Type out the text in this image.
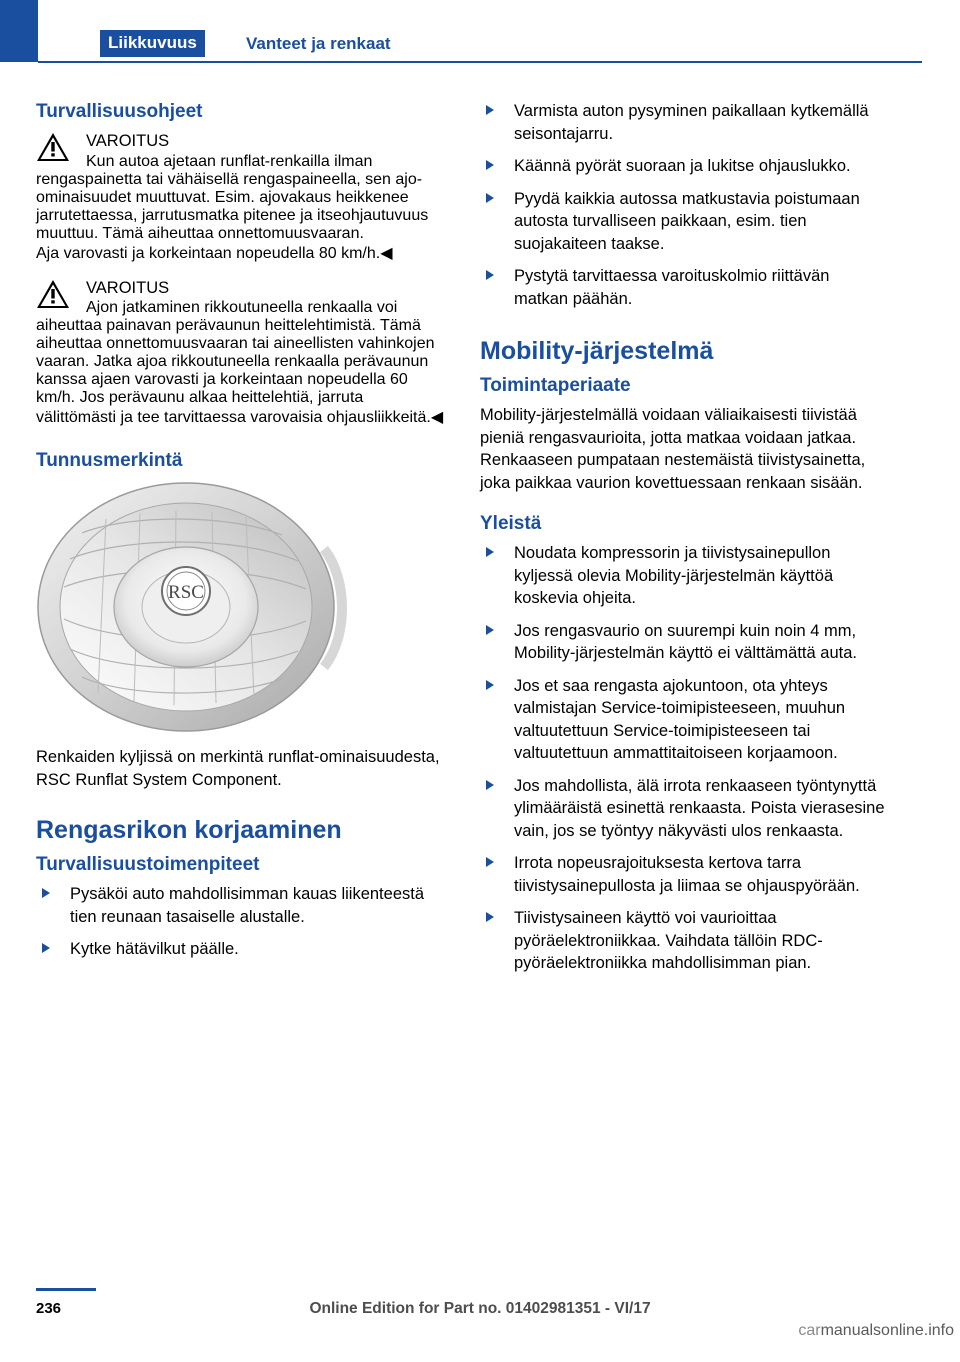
Liikkuvuus	Vanteet ja renkaat
Turvallisuusohjeet
VAROITUS

Kun autoa ajetaan runflat-renkailla ilman rengaspainetta tai vähäisellä rengaspaineella, sen ajo-ominaisuudet muuttuvat. Esim. ajovakaus heikkenee jarrutettaessa, jarrutusmatka pitenee ja itseohjautuvuus muuttuu. Tämä aiheuttaa onnettomuusvaaran.

Aja varovasti ja korkeintaan nopeudella 80 km/h.◀

VAROITUS

Ajon jatkaminen rikkoutuneella renkaalla voi aiheuttaa painavan perävaunun heittelehtimistä. Tämä aiheuttaa onnettomuusvaaran tai aineellisten vahinkojen vaaran. Jatka ajoa rikkoutuneella renkaalla perävaunun kanssa ajaen varovasti ja korkeintaan nopeudella 60 km/h. Jos perävaunu alkaa heittelehtiä, jarruta välittömästi ja tee tarvittaessa varovaisia ohjausliikkeitä.◀

Tunnusmerkintä
RSC

Renkaiden kyljissä on merkintä runflat-ominaisuudesta, RSC Runflat System Component.

Rengasrikon korjaaminen
Turvallisuustoimenpiteet
Pysäköi auto mahdollisimman kauas liikenteestä tien reunaan tasaiselle alustalle.
Kytke hätävilkut päälle.
Varmista auton pysyminen paikallaan kytkemällä seisontajarru.
Käännä pyörät suoraan ja lukitse ohjauslukko.
Pyydä kaikkia autossa matkustavia poistumaan autosta turvalliseen paikkaan, esim. tien suojakaiteen taakse.
Pystytä tarvittaessa varoituskolmio riittävän matkan päähän.
Mobility-järjestelmä
Toimintaperiaate

Mobility-järjestelmällä voidaan väliaikaisesti tiivistää pieniä rengasvaurioita, jotta matkaa voidaan jatkaa. Renkaaseen pumpataan nestemäistä tiivistysainetta, joka paikkaa vaurion kovettuessaan renkaan sisään.

Yleistä
Noudata kompressorin ja tiivistysainepullon kyljessä olevia Mobility-järjestelmän käyttöä koskevia ohjeita.
Jos rengasvaurio on suurempi kuin noin 4 mm, Mobility-järjestelmän käyttö ei välttämättä auta.
Jos et saa rengasta ajokuntoon, ota yhteys valmistajan Service-toimipisteeseen, muuhun valtuutettuun Service-toimipisteeseen tai valtuutettuun ammattitaitoiseen korjaamoon.
Jos mahdollista, älä irrota renkaaseen työntynyttä ylimääräistä esinettä renkaasta. Poista vierasesine vain, jos se työntyy näkyvästi ulos renkaasta.
Irrota nopeusrajoituksesta kertova tarra tiivistysainepullosta ja liimaa se ohjauspyörään.
Tiivistysaineen käyttö voi vaurioittaa pyöräelektroniikkaa. Vaihdata tällöin RDC-pyöräelektroniikka mahdollisimman pian.
236	Online Edition for Part no. 01402981351 - VI/17
carmanualsonline.info
